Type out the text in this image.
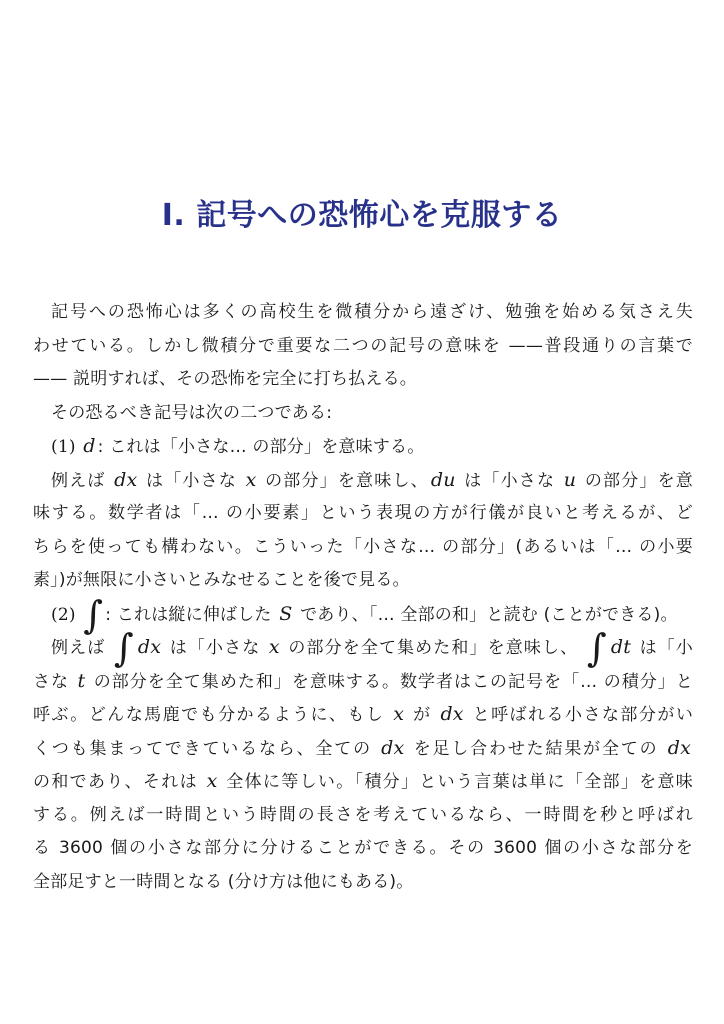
I. 記号への恐怖心を克服する
記号への恐怖心は多くの高校生を微積分から遠ざけ、勉強を始める気さえ失
わせている。しかし微積分で重要な二つの記号の意味を ——普段通りの言葉で
—— 説明すれば、その恐怖を完全に打ち払える。
その恐るべき記号は次の二つである:
(1) d : これは「小さな… の部分」を意味する。
例えば dx は「小さな x の部分」を意味し、 du は「小さな u の部分」を意
味する。数学者は「… の小要素」という表現の方が行儀が良いと考えるが、ど
ちらを使っても構わない。こういった「小さな… の部分」(あるいは「… の小要
素」)が無限に小さいとみなせることを後で見る。
(2) ∫ : これは縦に伸ばした S であり、「… 全部の和」と読む (ことができる)。
例えば ∫ dx は「小さな x の部分を全て集めた和」を意味し、 ∫ dt は「小
さな t の部分を全て集めた和」を意味する。数学者はこの記号を「… の積分」と
呼ぶ。どんな馬鹿でも分かるように、もし x が dx と呼ばれる小さな部分がい
くつも集まってできているなら、全ての dx を足し合わせた結果が全ての dx
の和であり、それは x 全体に等しい。「積分」という言葉は単に「全部」を意味
する。例えば一時間という時間の長さを考えているなら、一時間を秒と呼ばれ
る 3600 個の小さな部分に分けることができる。その 3600 個の小さな部分を
全部足すと一時間となる (分け方は他にもある)。
